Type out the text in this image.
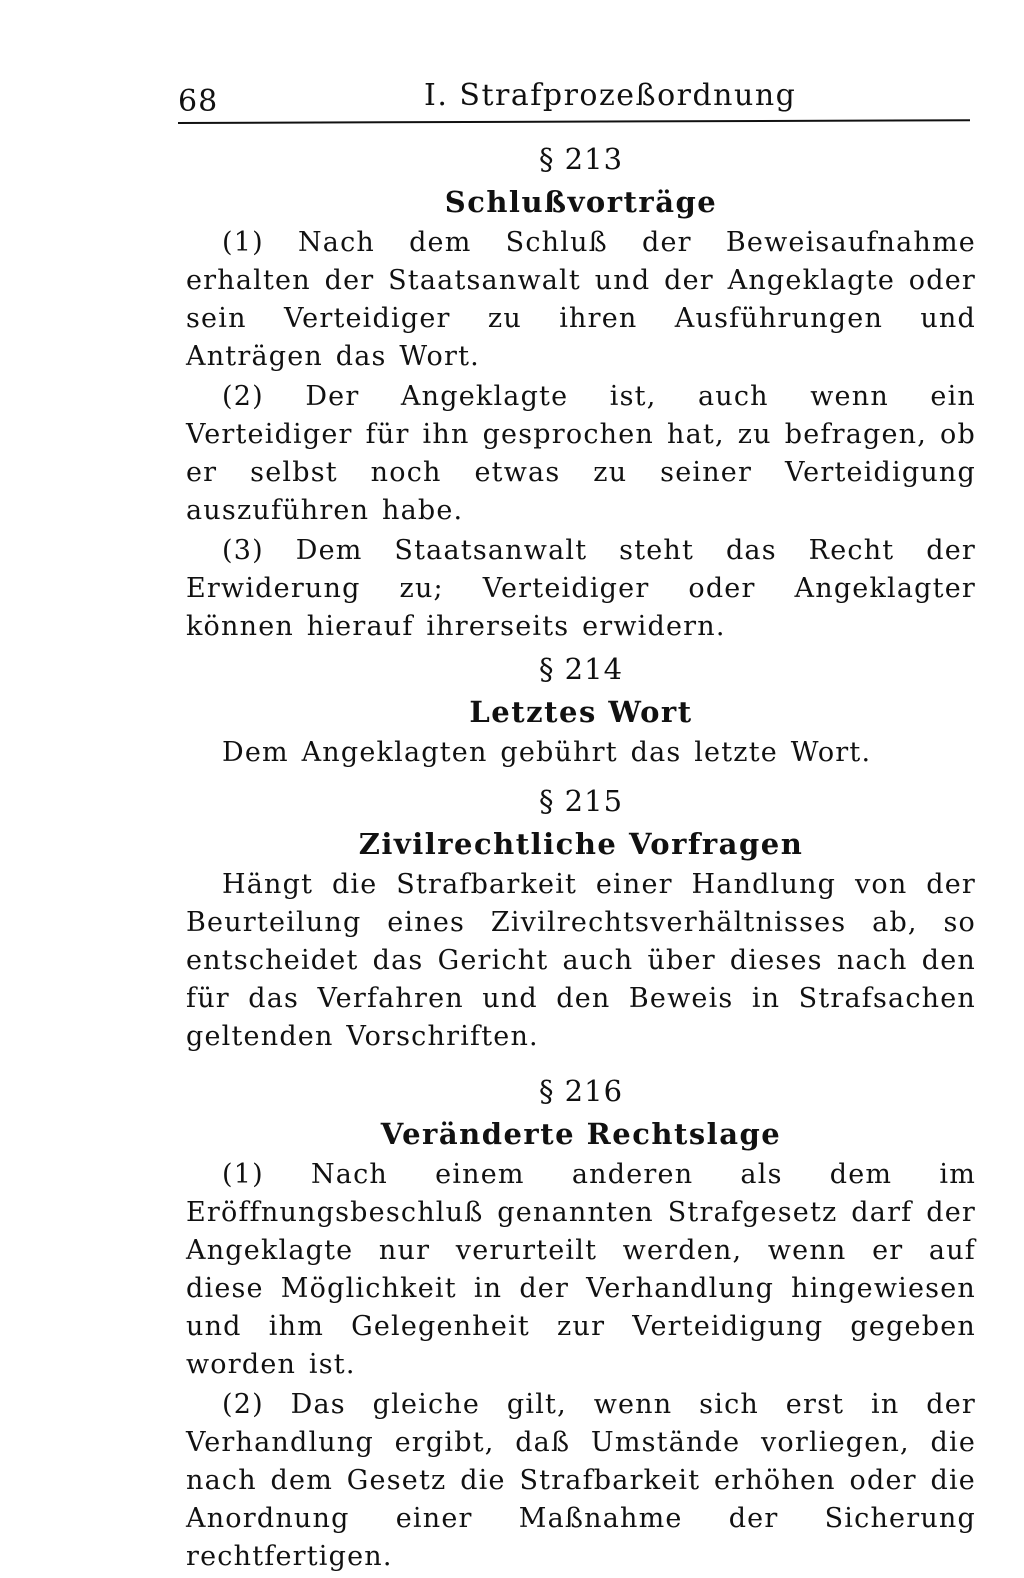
68	I. Strafprozeßordnung

§ 213

Schlußvorträge

(1) Nach dem Schluß der Beweisaufnahme erhalten der Staatsanwalt und der Angeklagte oder sein Verteidiger zu ihren Ausführungen und Anträgen das Wort.

(2) Der Angeklagte ist, auch wenn ein Verteidiger für ihn gesprochen hat, zu befragen, ob er selbst noch etwas zu seiner Verteidigung auszuführen habe.

(3) Dem Staatsanwalt steht das Recht der Erwiderung zu; Verteidiger oder Angeklagter können hierauf ihrerseits erwidern.

§ 214

Letztes Wort

Dem Angeklagten gebührt das letzte Wort.

§ 215

Zivilrechtliche Vorfragen

Hängt die Strafbarkeit einer Handlung von der Beurteilung eines Zivilrechtsverhältnisses ab, so entscheidet das Gericht auch über dieses nach den für das Verfahren und den Beweis in Strafsachen geltenden Vorschriften.

§ 216

Veränderte Rechtslage

(1) Nach einem anderen als dem im Eröffnungsbeschluß genannten Strafgesetz darf der Angeklagte nur verurteilt werden, wenn er auf diese Möglichkeit in der Verhandlung hingewiesen und ihm Gelegenheit zur Verteidigung gegeben worden ist.

(2) Das gleiche gilt, wenn sich erst in der Verhandlung ergibt, daß Umstände vorliegen, die nach dem Gesetz die Strafbarkeit erhöhen oder die Anordnung einer Maßnahme der Sicherung rechtfertigen.
